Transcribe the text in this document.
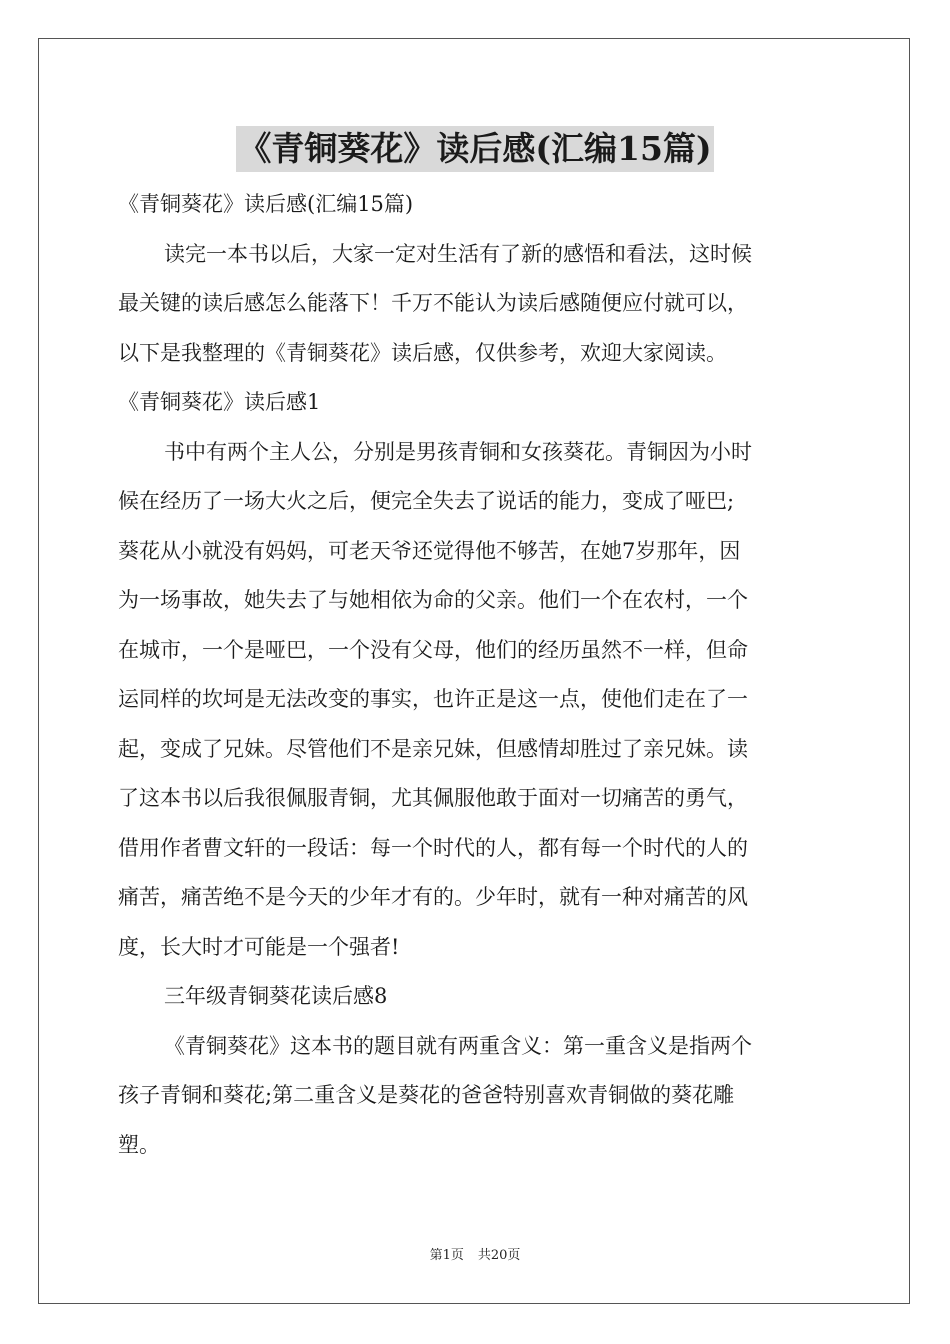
《青铜葵花》读后感(汇编15篇)
《青铜葵花》读后感(汇编15篇)
读完一本书以后，大家一定对生活有了新的感悟和看法，这时候
最关键的读后感怎么能落下！千万不能认为读后感随便应付就可以，
以下是我整理的《青铜葵花》读后感，仅供参考，欢迎大家阅读。
《青铜葵花》读后感1
书中有两个主人公，分别是男孩青铜和女孩葵花。青铜因为小时
候在经历了一场大火之后，便完全失去了说话的能力，变成了哑巴;
葵花从小就没有妈妈，可老天爷还觉得他不够苦，在她7岁那年，因
为一场事故，她失去了与她相依为命的父亲。他们一个在农村，一个
在城市，一个是哑巴，一个没有父母，他们的经历虽然不一样，但命
运同样的坎坷是无法改变的事实，也许正是这一点，使他们走在了一
起，变成了兄妹。尽管他们不是亲兄妹，但感情却胜过了亲兄妹。读
了这本书以后我很佩服青铜，尤其佩服他敢于面对一切痛苦的勇气，
借用作者曹文轩的一段话：每一个时代的人，都有每一个时代的人的
痛苦，痛苦绝不是今天的少年才有的。少年时，就有一种对痛苦的风
度，长大时才可能是一个强者!
三年级青铜葵花读后感8
《青铜葵花》这本书的题目就有两重含义：第一重含义是指两个
孩子青铜和葵花;第二重含义是葵花的爸爸特别喜欢青铜做的葵花雕
塑。
第1页 共20页
